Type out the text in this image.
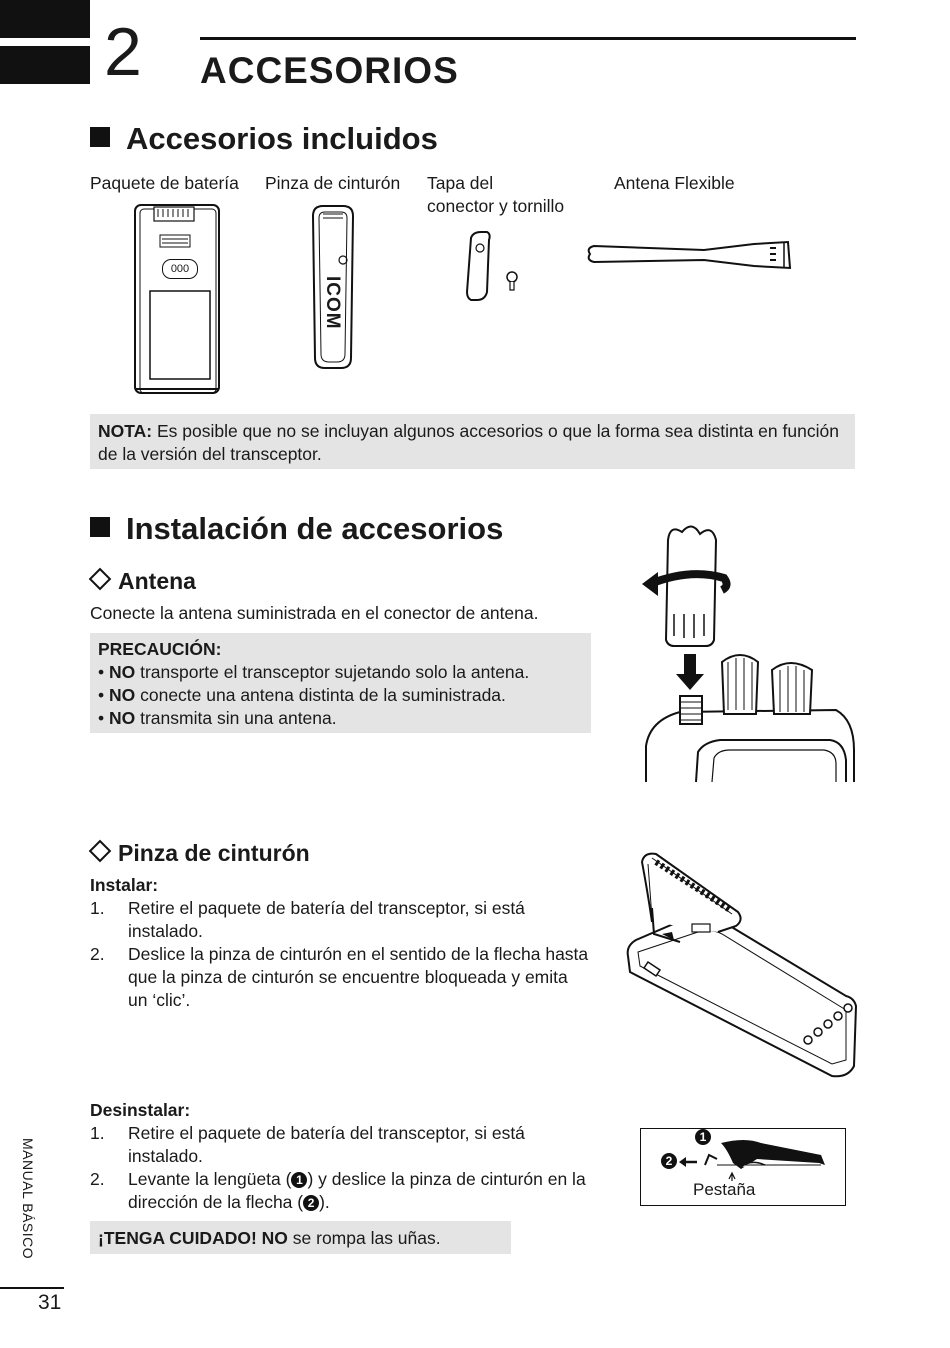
2 ACCESORIOS
Accesorios incluidos
Paquete de batería Pinza de cinturón Tapa del
conector y tornillo
Antena Flexible
000
ICOM
NOTA: Es posible que no se incluyan algunos accesorios o que la forma sea distinta en función de la versión del transceptor.
Instalación de accesorios
Antena
Conecte la antena suministrada en el conector de antena.
PRECAUCIÓN:
• NO transporte el transceptor sujetando solo la antena.
• NO conecte una antena distinta de la suministrada.
• NO transmita sin una antena.
Pinza de cinturón
Instalar:
1. Retire el paquete de batería del transceptor, si está instalado.
2. Deslice la pinza de cinturón en el sentido de la flecha hasta que la pinza de cinturón se encuentre bloqueada y emita un ‘clic’.
Desinstalar:
1. Retire el paquete de batería del transceptor, si está instalado.
2. Levante la lengüeta ( 1 ) y deslice la pinza de cinturón en la dirección de la flecha ( 2 ).
¡TENGA CUIDADO! NO se rompa las uñas.
1
2
Pestaña
MANUAL BÁSICO
31
